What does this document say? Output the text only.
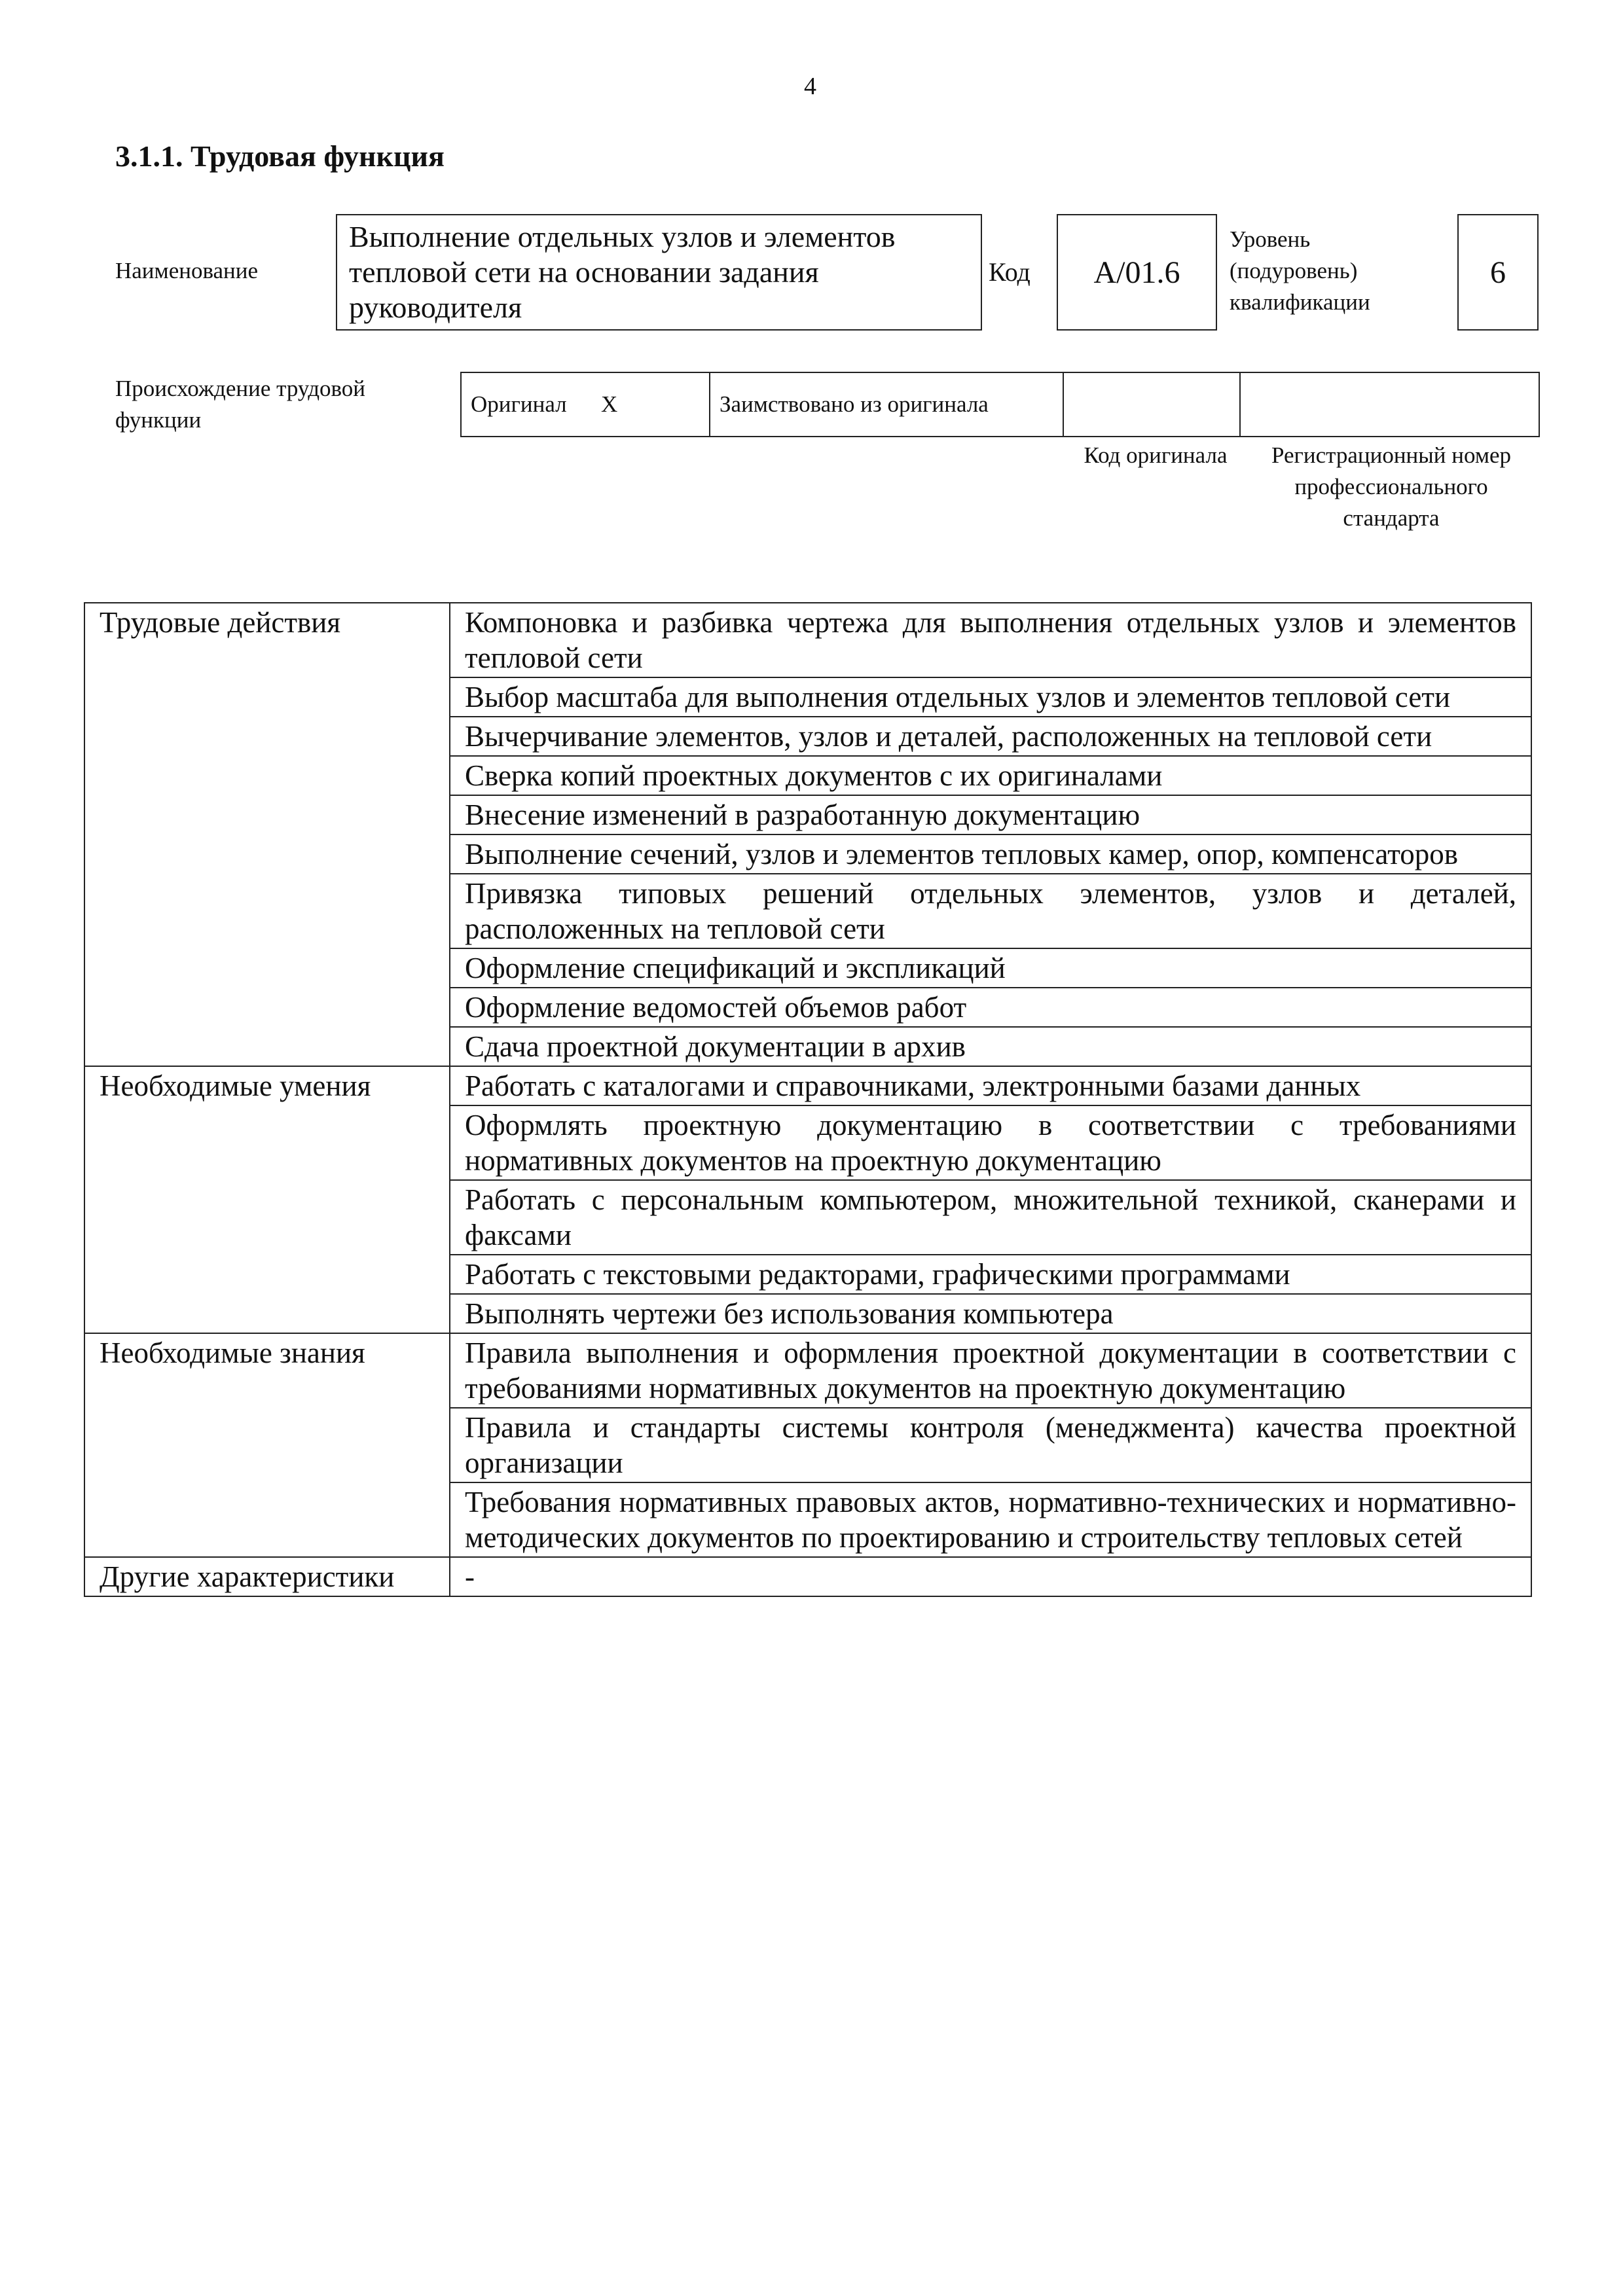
4
3.1.1. Трудовая функция
Наименование
Выполнение отдельных узлов и элементов тепловой сети на основании задания руководителя
Код	А/01.6
Уровень (подуровень) квалификации
6
Происхождение трудовой функции
Оригинал	X	Заимствовано из оригинала		
Код оригинала	Регистрационный номер профессионального стандарта
Трудовые действия	Компоновка и разбивка чертежа для выполнения отдельных узлов и элементов тепловой сети
	Выбор масштаба для выполнения отдельных узлов и элементов тепловой сети
	Вычерчивание элементов, узлов и деталей, расположенных на тепловой сети
	Сверка копий проектных документов с их оригиналами
	Внесение изменений в разработанную документацию
	Выполнение сечений, узлов и элементов тепловых камер, опор, компенсаторов
	Привязка типовых решений отдельных элементов, узлов и деталей, расположенных на тепловой сети
	Оформление спецификаций и экспликаций
	Оформление ведомостей объемов работ
	Сдача проектной документации в архив
Необходимые умения	Работать с каталогами и справочниками, электронными базами данных
	Оформлять проектную документацию в соответствии с требованиями нормативных документов на проектную документацию
	Работать с персональным компьютером, множительной техникой, сканерами и факсами
	Работать с текстовыми редакторами, графическими программами
	Выполнять чертежи без использования компьютера
Необходимые знания	Правила выполнения и оформления проектной документации в соответствии с требованиями нормативных документов на проектную документацию
	Правила и стандарты системы контроля (менеджмента) качества проектной организации
	Требования нормативных правовых актов, нормативно-технических и нормативно-методических документов по проектированию и строительству тепловых сетей
Другие характеристики	-
